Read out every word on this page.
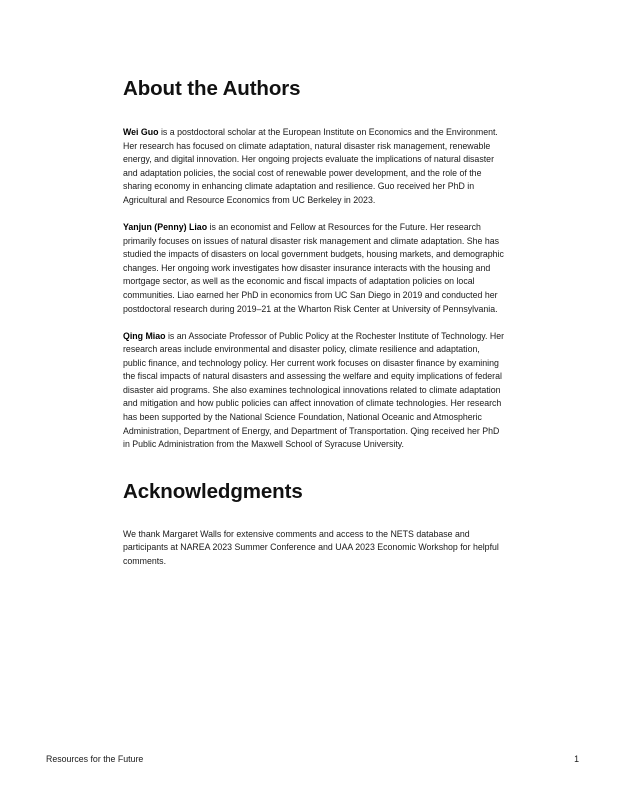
About the Authors

Wei Guo is a postdoctoral scholar at the European Institute on Economics and the Environment. Her research has focused on climate adaptation, natural disaster risk management, renewable energy, and digital innovation. Her ongoing projects evaluate the implications of natural disaster and adaptation policies, the social cost of renewable power development, and the role of the sharing economy in enhancing climate adaptation and resilience. Guo received her PhD in Agricultural and Resource Economics from UC Berkeley in 2023.

Yanjun (Penny) Liao is an economist and Fellow at Resources for the Future. Her research primarily focuses on issues of natural disaster risk management and climate adaptation. She has studied the impacts of disasters on local government budgets, housing markets, and demographic changes. Her ongoing work investigates how disaster insurance interacts with the housing and mortgage sector, as well as the economic and fiscal impacts of adaptation policies on local communities. Liao earned her PhD in economics from UC San Diego in 2019 and conducted her postdoctoral research during 2019–21 at the Wharton Risk Center at University of Pennsylvania.

Qing Miao is an Associate Professor of Public Policy at the Rochester Institute of Technology. Her research areas include environmental and disaster policy, climate resilience and adaptation, public finance, and technology policy. Her current work focuses on disaster finance by examining the fiscal impacts of natural disasters and assessing the welfare and equity implications of federal disaster aid programs. She also examines technological innovations related to climate adaptation and mitigation and how public policies can affect innovation of climate technologies. Her research has been supported by the National Science Foundation, National Oceanic and Atmospheric Administration, Department of Energy, and Department of Transportation. Qing received her PhD in Public Administration from the Maxwell School of Syracuse University.

Acknowledgments

We thank Margaret Walls for extensive comments and access to the NETS database and participants at NAREA 2023 Summer Conference and UAA 2023 Economic Workshop for helpful comments.

Resources for the Future	1
